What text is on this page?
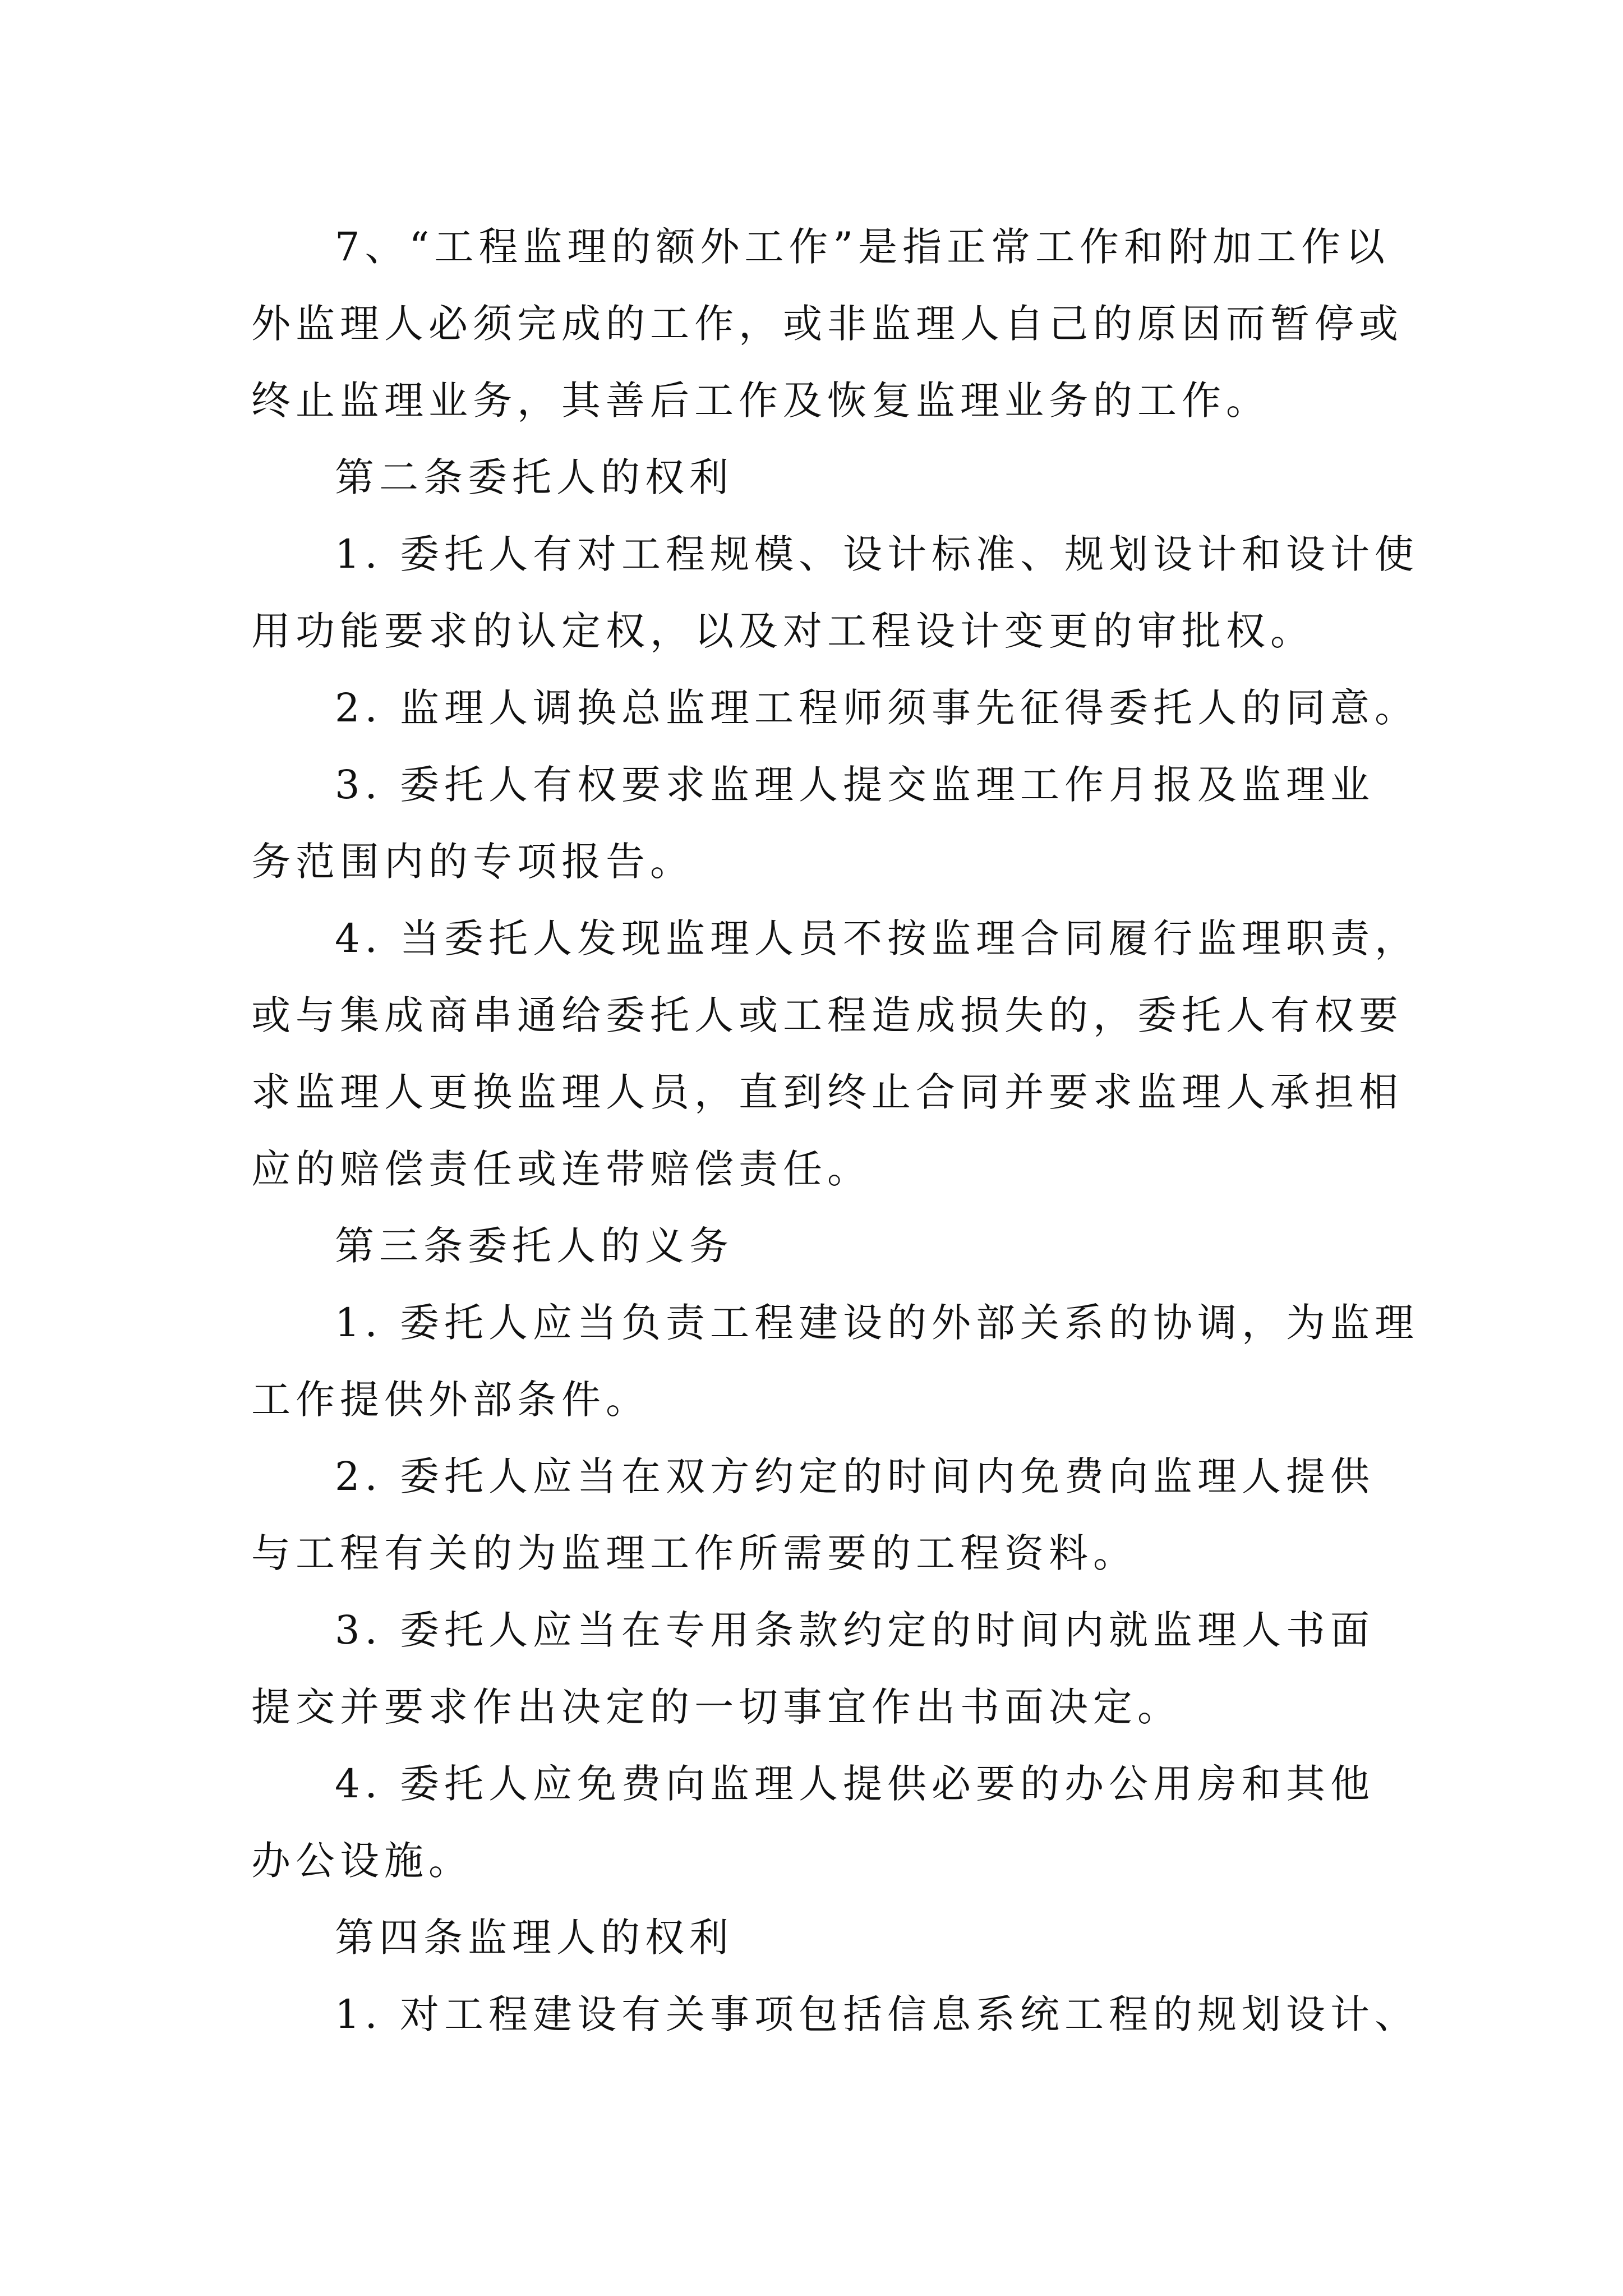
7、“工程监理的额外工作”是指正常工作和附加工作以
外监理人必须完成的工作，或非监理人自己的原因而暂停或
终止监理业务，其善后工作及恢复监理业务的工作。
第二条委托人的权利
1. 委托人有对工程规模、设计标准、规划设计和设计使
用功能要求的认定权，以及对工程设计变更的审批权。
2. 监理人调换总监理工程师须事先征得委托人的同意。
3. 委托人有权要求监理人提交监理工作月报及监理业
务范围内的专项报告。
4. 当委托人发现监理人员不按监理合同履行监理职责，
或与集成商串通给委托人或工程造成损失的，委托人有权要
求监理人更换监理人员，直到终止合同并要求监理人承担相
应的赔偿责任或连带赔偿责任。
第三条委托人的义务
1. 委托人应当负责工程建设的外部关系的协调，为监理
工作提供外部条件。
2. 委托人应当在双方约定的时间内免费向监理人提供
与工程有关的为监理工作所需要的工程资料。
3. 委托人应当在专用条款约定的时间内就监理人书面
提交并要求作出决定的一切事宜作出书面决定。
4. 委托人应免费向监理人提供必要的办公用房和其他
办公设施。
第四条监理人的权利
1. 对工程建设有关事项包括信息系统工程的规划设计、
